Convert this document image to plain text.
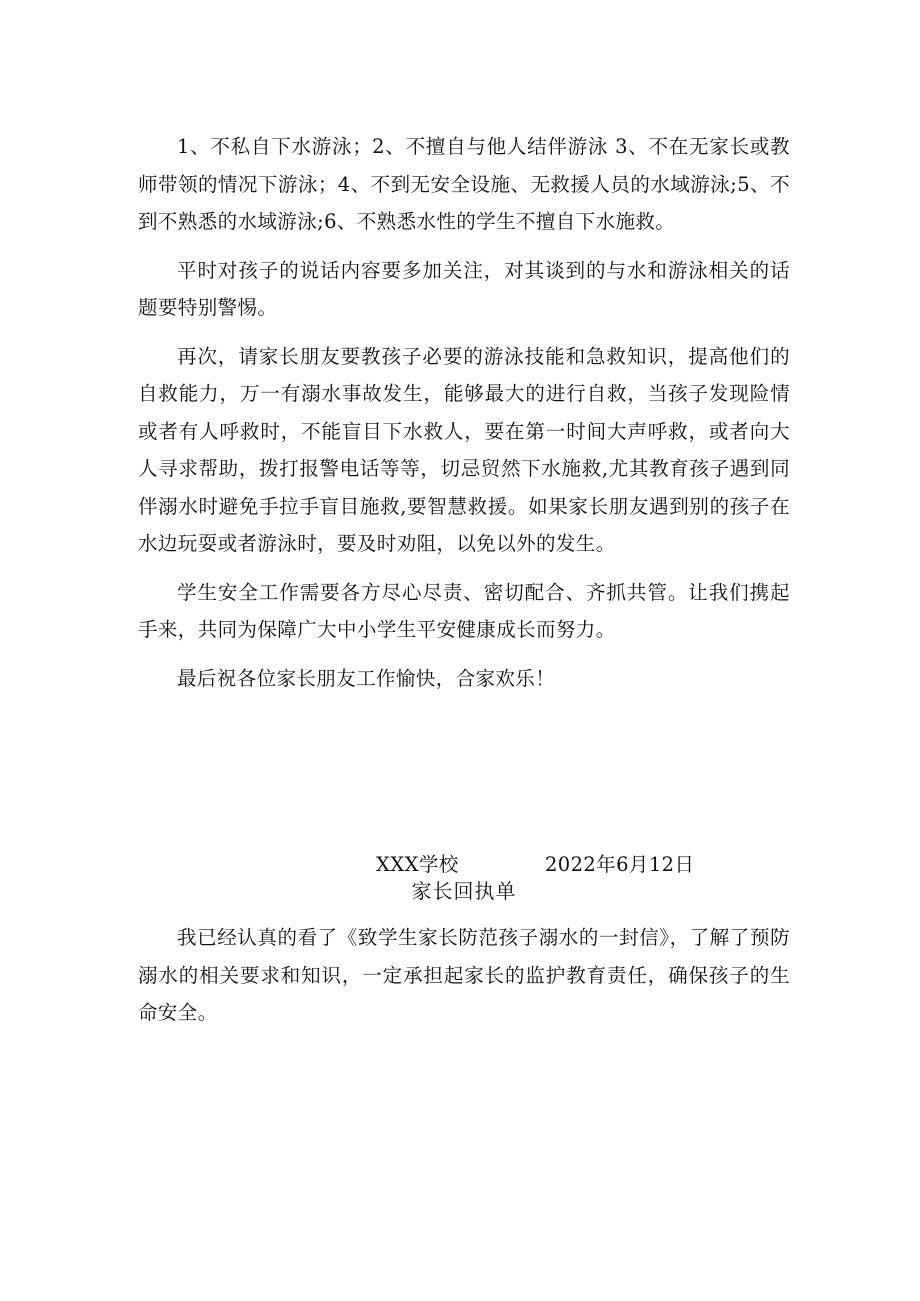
1、不私自下水游泳；2、不擅自与他人结伴游泳 3、不在无家长或教师带领的情况下游泳；4、不到无安全设施、无救援人员的水域游泳;5、不到不熟悉的水域游泳;6、不熟悉水性的学生不擅自下水施救。

平时对孩子的说话内容要多加关注，对其谈到的与水和游泳相关的话题要特别警惕。

再次，请家长朋友要教孩子必要的游泳技能和急救知识，提高他们的自救能力，万一有溺水事故发生，能够最大的进行自救，当孩子发现险情或者有人呼救时，不能盲目下水救人，要在第一时间大声呼救，或者向大人寻求帮助，拨打报警电话等等，切忌贸然下水施救,尤其教育孩子遇到同伴溺水时避免手拉手盲目施救,要智慧救援。如果家长朋友遇到别的孩子在水边玩耍或者游泳时，要及时劝阻，以免以外的发生。

学生安全工作需要各方尽心尽责、密切配合、齐抓共管。让我们携起手来，共同为保障广大中小学生平安健康成长而努力。

最后祝各位家长朋友工作愉快，合家欢乐！

XXX学校	2022年6月12日
家长回执单

我已经认真的看了《致学生家长防范孩子溺水的一封信》，了解了预防溺水的相关要求和知识，一定承担起家长的监护教育责任，确保孩子的生命安全。
